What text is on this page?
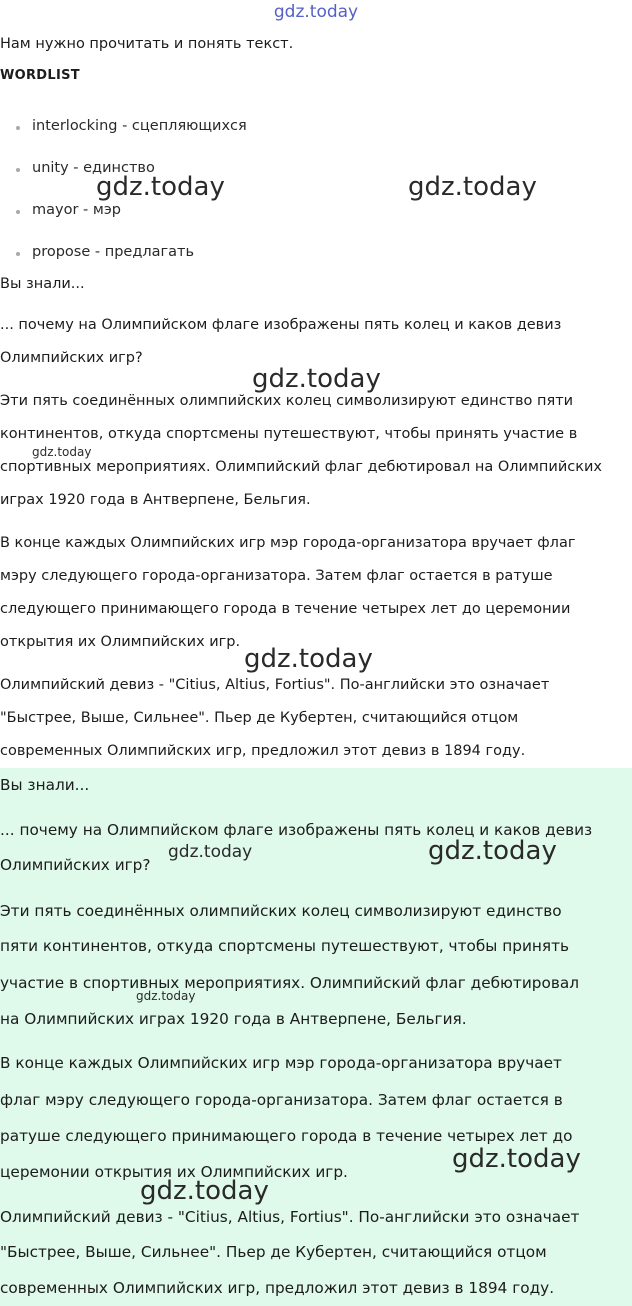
gdz.today
Нам нужно прочитать и понять текст.
WORDLIST
interlocking - сцепляющихся
unity - единство
mayor - мэр
propose - предлагать
Вы знали...
... почему на Олимпийском флаге изображены пять колец и каков девиз
Олимпийских игр?
Эти пять соединённых олимпийских колец символизируют единство пяти
континентов, откуда спортсмены путешествуют, чтобы принять участие в
спортивных мероприятиях. Олимпийский флаг дебютировал на Олимпийских
играх 1920 года в Антверпене, Бельгия.
В конце каждых Олимпийских игр мэр города-организатора вручает флаг
мэру следующего города-организатора. Затем флаг остается в ратуше
следующего принимающего города в течение четырех лет до церемонии
открытия их Олимпийских игр.
Олимпийский девиз - "Citius, Altius, Fortius". По-английски это означает
"Быстрее, Выше, Сильнее". Пьер де Кубертен, считающийся отцом
современных Олимпийских игр, предложил этот девиз в 1894 году.
Вы знали...
... почему на Олимпийском флаге изображены пять колец и каков девиз
Олимпийских игр?
Эти пять соединённых олимпийских колец символизируют единство
пяти континентов, откуда спортсмены путешествуют, чтобы принять
участие в спортивных мероприятиях. Олимпийский флаг дебютировал
на Олимпийских играх 1920 года в Антверпене, Бельгия.
В конце каждых Олимпийских игр мэр города-организатора вручает
флаг мэру следующего города-организатора. Затем флаг остается в
ратуше следующего принимающего города в течение четырех лет до
церемонии открытия их Олимпийских игр.
Олимпийский девиз - "Citius, Altius, Fortius". По-английски это означает
"Быстрее, Выше, Сильнее". Пьер де Кубертен, считающийся отцом
современных Олимпийских игр, предложил этот девиз в 1894 году.
gdz.today	gdz.today
gdz.today
gdz.today
gdz.today
gdz.today	gdz.today
gdz.today
gdz.today
gdz.today
